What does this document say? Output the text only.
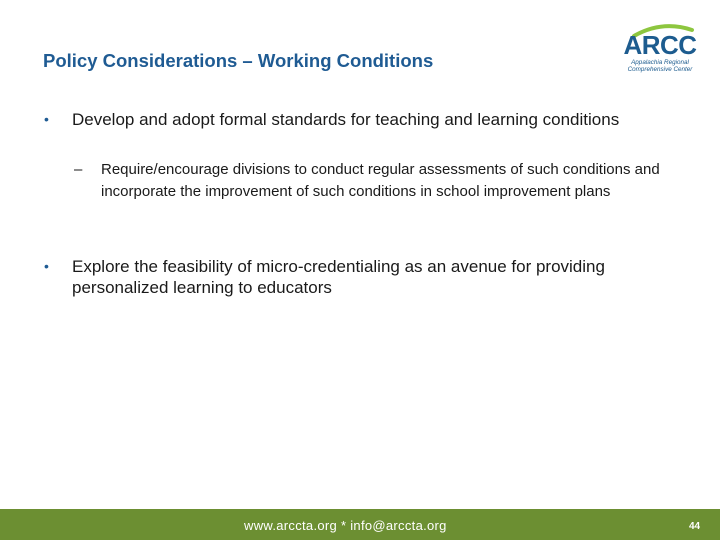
Policy Considerations – Working Conditions
ARCC
Appalachia Regional
Comprehensive Center
• Develop and adopt formal standards for teaching and learning conditions
– Require/encourage divisions to conduct regular assessments of such conditions and incorporate the improvement of such conditions in school improvement plans
• Explore the feasibility of micro-credentialing as an avenue for providing personalized learning to educators
www.arccta.org * info@arccta.org	44
